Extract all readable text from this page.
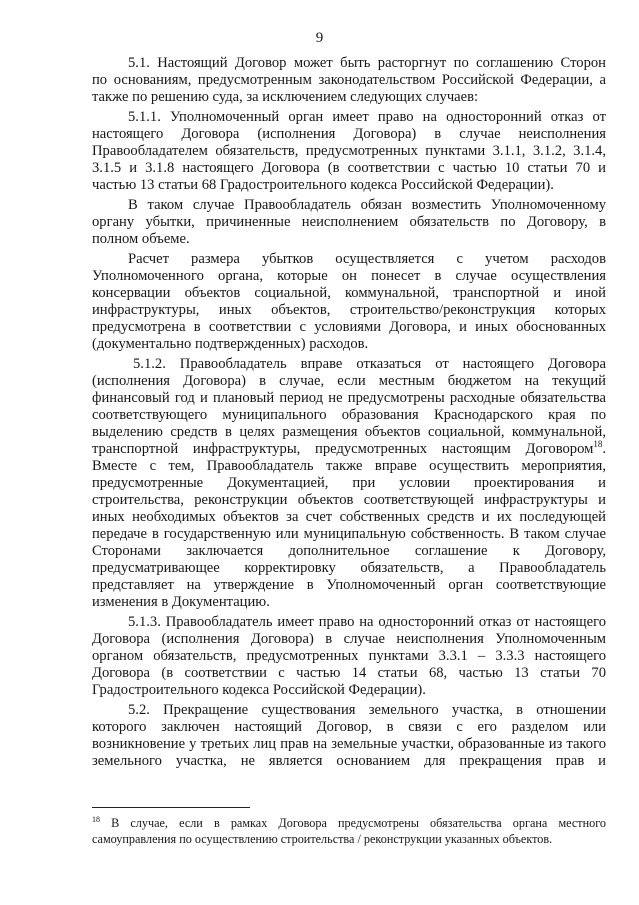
9
5.1. Настоящий Договор может быть расторгнут по соглашению Сторон
по основаниям, предусмотренным законодательством Российской Федерации, а
также по решению суда, за исключением следующих случаев:
5.1.1. Уполномоченный орган имеет право на односторонний отказ от
настоящего Договора (исполнения Договора) в случае неисполнения
Правообладателем обязательств, предусмотренных пунктами 3.1.1, 3.1.2, 3.1.4,
3.1.5 и 3.1.8 настоящего Договора (в соответствии с частью 10 статьи 70 и
частью 13 статьи 68 Градостроительного кодекса Российской Федерации).
В таком случае Правообладатель обязан возместить Уполномоченному
органу убытки, причиненные неисполнением обязательств по Договору, в
полном объеме.
Расчет размера убытков осуществляется с учетом расходов
Уполномоченного органа, которые он понесет в случае осуществления
консервации объектов социальной, коммунальной, транспортной и иной
инфраструктуры, иных объектов, строительство/реконструкция которых
предусмотрена в соответствии с условиями Договора, и иных обоснованных
(документально подтвержденных) расходов.
5.1.2. Правообладатель вправе отказаться от настоящего Договора
(исполнения Договора) в случае, если местным бюджетом на текущий
финансовый год и плановый период не предусмотрены расходные обязательства
соответствующего муниципального образования Краснодарского края по
выделению средств в целях размещения объектов социальной, коммунальной,
транспортной инфраструктуры, предусмотренных настоящим Договором$^{18}$.
Вместе с тем, Правообладатель также вправе осуществить мероприятия,
предусмотренные Документацией, при условии проектирования и
строительства, реконструкции объектов соответствующей инфраструктуры и
иных необходимых объектов за счет собственных средств и их последующей
передаче в государственную или муниципальную собственность. В таком случае
Сторонами заключается дополнительное соглашение к Договору,
предусматривающее корректировку обязательств, а Правообладатель
представляет на утверждение в Уполномоченный орган соответствующие
изменения в Документацию.
5.1.3. Правообладатель имеет право на односторонний отказ от настоящего
Договора (исполнения Договора) в случае неисполнения Уполномоченным
органом обязательств, предусмотренных пунктами 3.3.1 – 3.3.3 настоящего
Договора (в соответствии с частью 14 статьи 68, частью 13 статьи 70
Градостроительного кодекса Российской Федерации).
5.2. Прекращение существования земельного участка, в отношении
которого заключен настоящий Договор, в связи с его разделом или
возникновение у третьих лиц прав на земельные участки, образованные из такого
земельного участка, не является основанием для прекращения прав и
$^{18}$ В случае, если в рамках Договора предусмотрены обязательства органа местного
самоуправления по осуществлению строительства / реконструкции указанных объектов.
